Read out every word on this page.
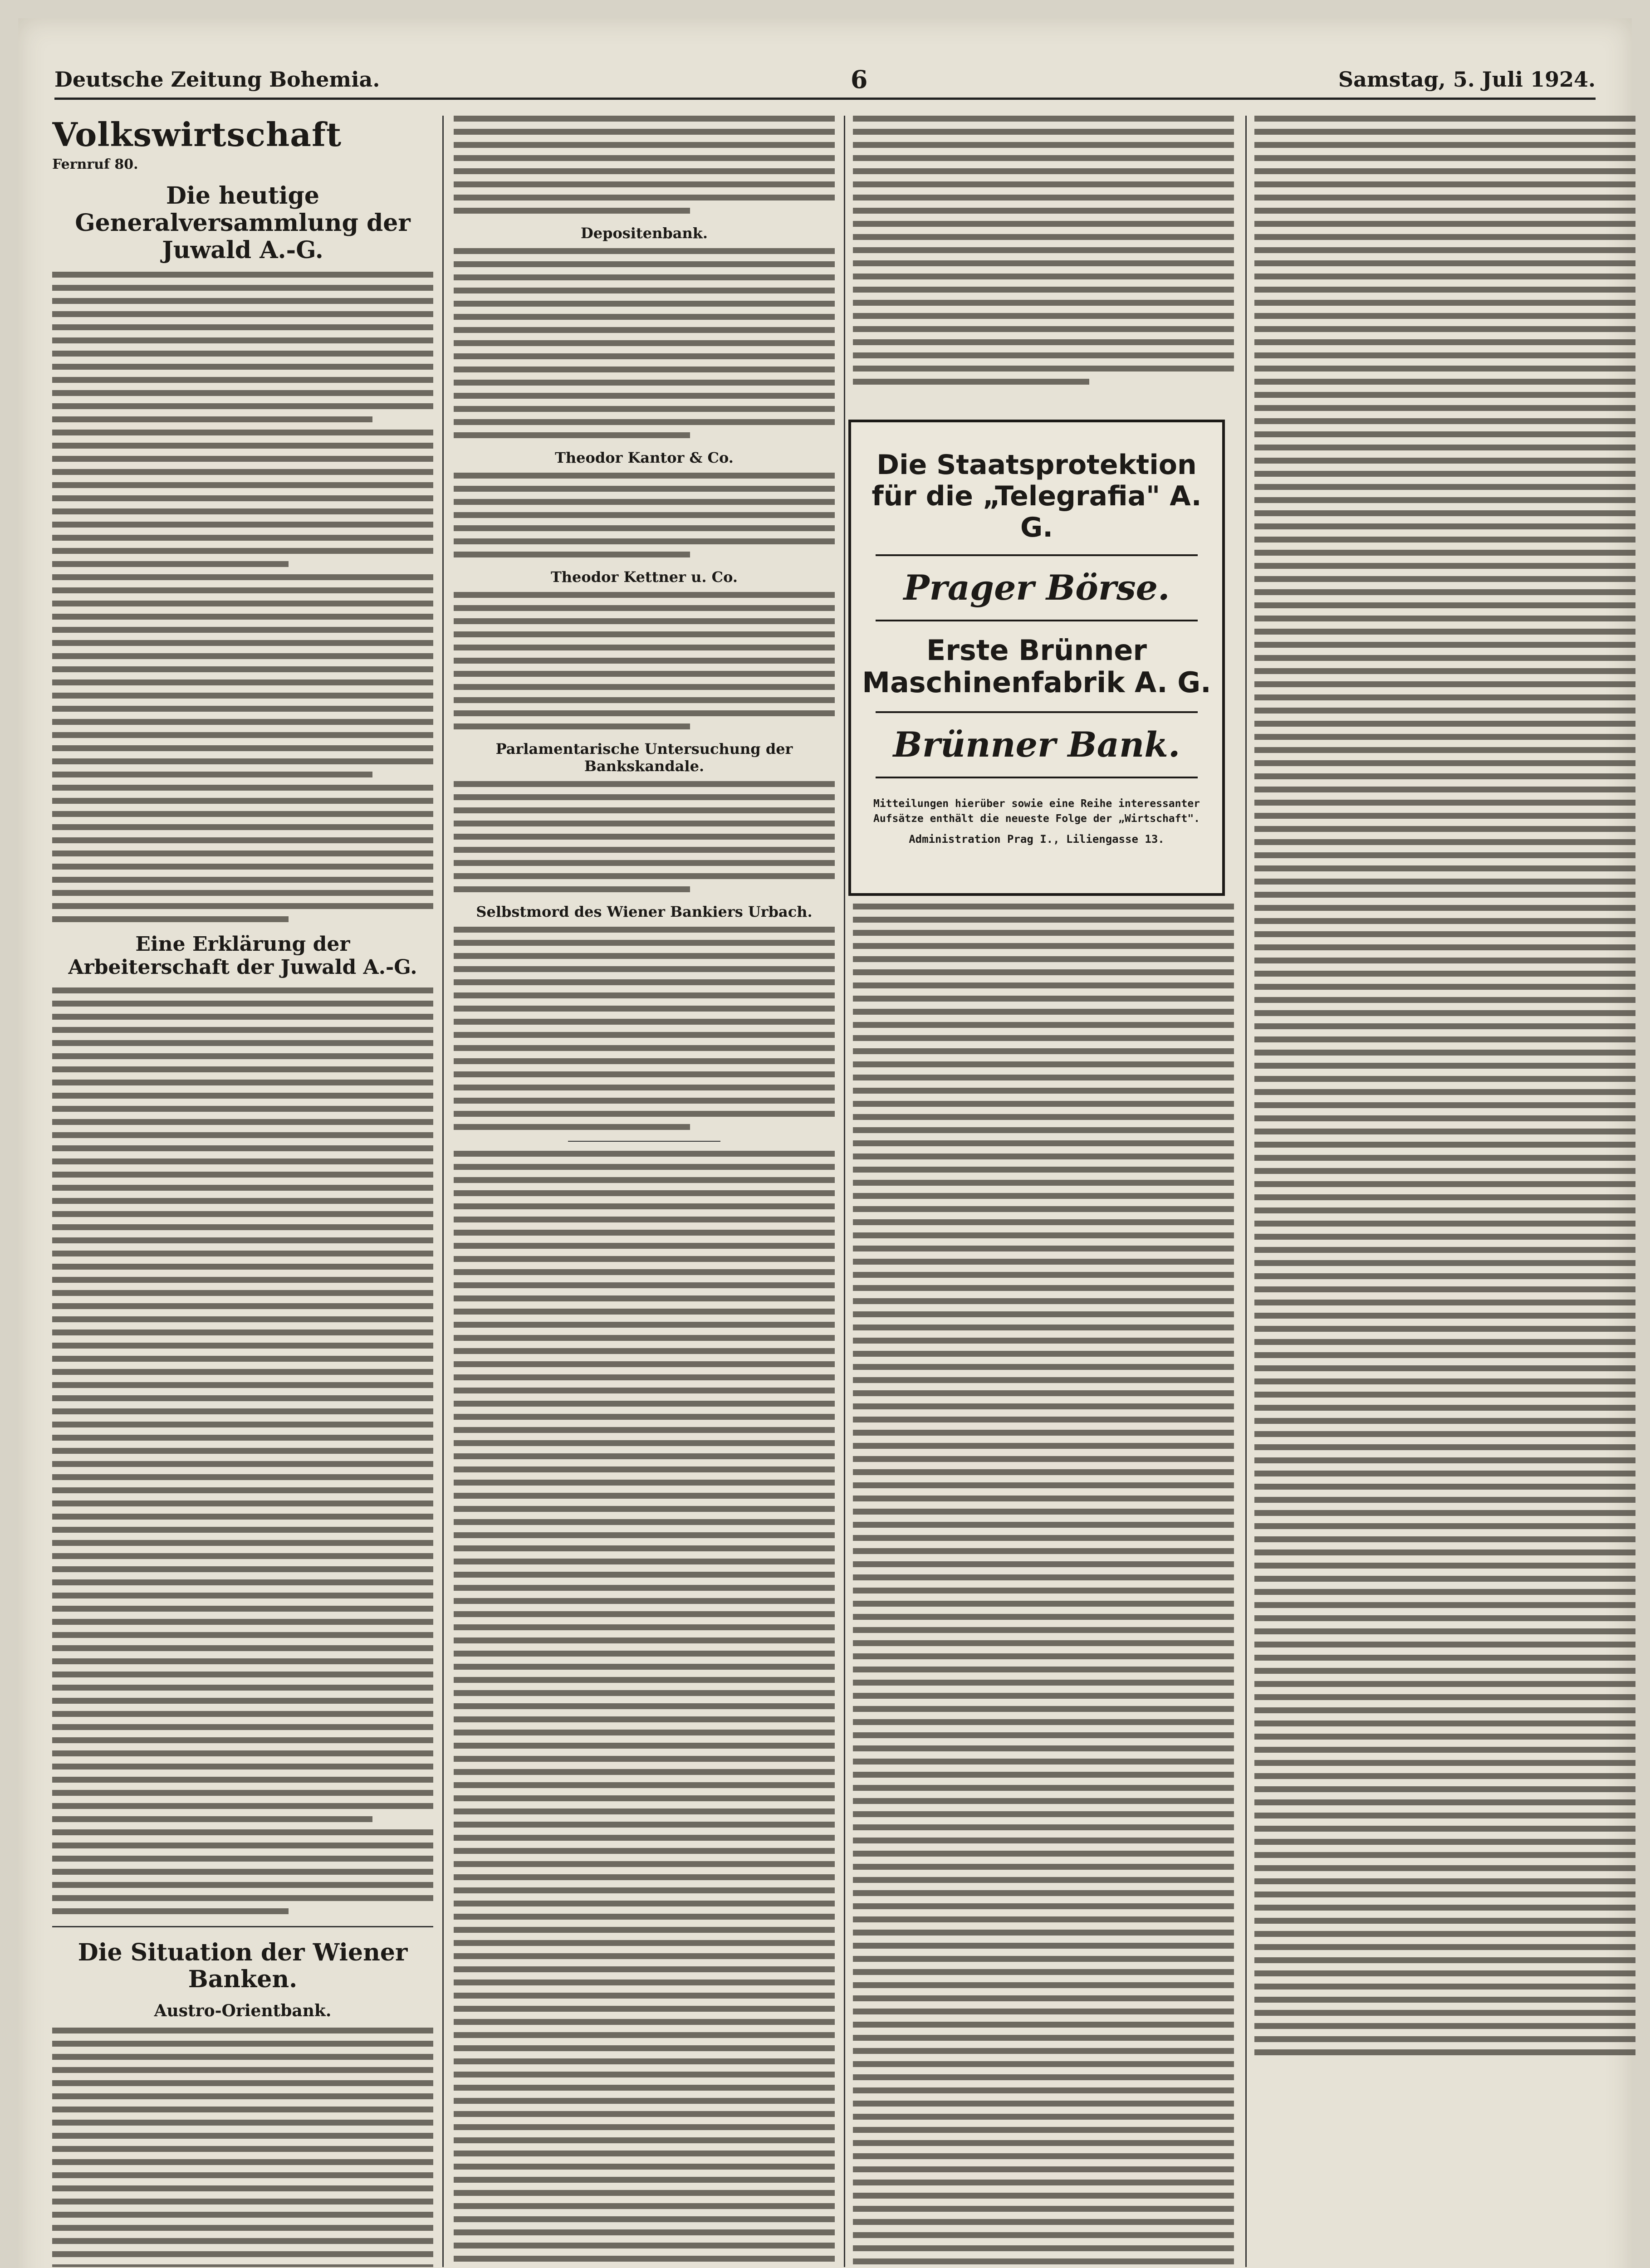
Deutsche Zeitung Bohemia.	6	Samstag, 5. Juli 1924.
Volkswirtschaft
Fernruf 80.
Die heutige Generalversammlung der Juwald A.-G.
Eine Erklärung der Arbeiterschaft der Juwald A.-G.
Die Situation der Wiener Banken.
Austro-Orientbank.
Depositenbank.
Theodor Kantor & Co.
Theodor Kettner u. Co.
Parlamentarische Untersuchung der Bankskandale.
Selbstmord des Wiener Bankiers Urbach.
Die Staatsprotektion für die „Telegrafia" A. G.
Prager Börse.
Erste Brünner Maschinenfabrik A. G.
Brünner Bank.
Mitteilungen hierüber sowie eine Reihe interessanter Aufsätze enthält die neueste Folge der „Wirtschaft".
Administration Prag I., Liliengasse 13.
